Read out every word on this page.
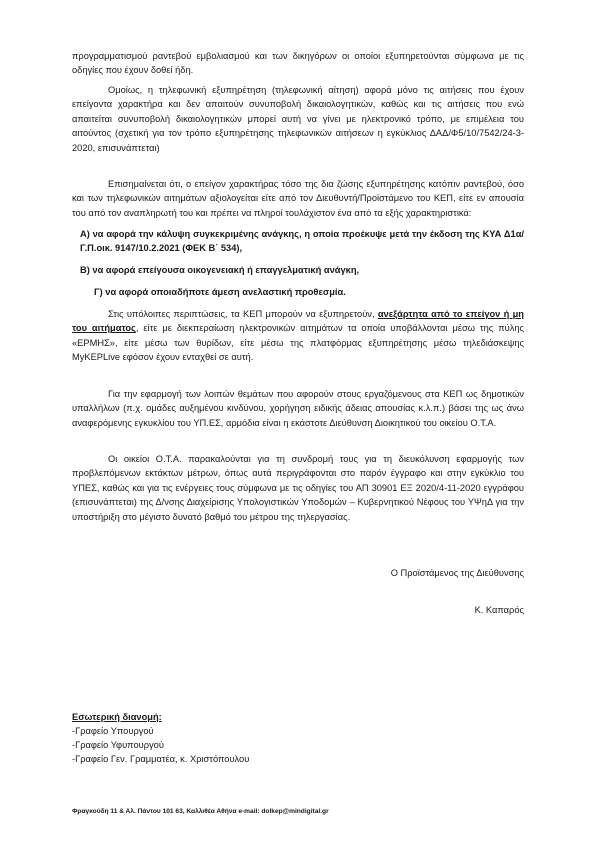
προγραμματισμού ραντεβού εμβολιασμού και των δικηγόρων οι οποίοι εξυπηρετούνται σύμφωνα με τις οδηγίες που έχουν δοθεί ήδη.

Ομοίως, η τηλεφωνική εξυπηρέτηση (τηλεφωνική αίτηση) αφορά μόνο τις αιτήσεις που έχουν επείγοντα χαρακτήρα και δεν απαιτούν συνυποβολή δικαιολογητικών, καθώς και τις αιτήσεις που ενώ απαιτείται συνυποβολή δικαιολογητικών μπορεί αυτή να γίνει με ηλεκτρονικό τρόπο, με επιμέλεια του αιτούντος (σχετική για τον τρόπο εξυπηρέτησης τηλεφωνικών αιτήσεων η εγκύκλιος ΔΑΔ/Φ5/10/7542/24-3-2020, επισυνάπτεται)

Επισημαίνεται ότι, ο επείγον χαρακτήρας τόσο της δια ζώσης εξυπηρέτησης κατόπιν ραντεβού, όσο και των τηλεφωνικών αιτημάτων αξιολογείται είτε από τον Διευθυντή/Προϊστάμενο του ΚΕΠ, είτε εν απουσία του από τον αναπληρωτή του και πρέπει να πληροί τουλάχιστον ένα από τα εξής χαρακτηριστικά:

Α) να αφορά την κάλυψη συγκεκριμένης ανάγκης, η οποία προέκυψε μετά την έκδοση της ΚΥΑ Δ1α/Γ.Π.οικ. 9147/10.2.2021 (ΦΕΚ Β΄ 534),

Β) να αφορά επείγουσα οικογενειακή ή επαγγελματική ανάγκη,

Γ) να αφορά οποιαδήποτε άμεση ανελαστική προθεσμία.

Στις υπόλοιπες περιπτώσεις, τα ΚΕΠ μπορούν να εξυπηρετούν, ανεξάρτητα από το επείγον ή μη του αιτήματος, είτε με διεκπεραίωση ηλεκτρονικών αιτημάτων τα οποία υποβάλλονται μέσω της πύλης «ΕΡΜΗΣ», είτε μέσω των θυρίδων, είτε μέσω της πλατφόρμας εξυπηρέτησης μέσω τηλεδιάσκεψης MyKEPLive εφόσον έχουν ενταχθεί σε αυτή.

Για την εφαρμογή των λοιπών θεμάτων που αφορούν στους εργαζόμενους στα ΚΕΠ ως δημοτικών υπαλλήλων (π.χ. ομάδες αυξημένου κινδύνου, χορήγηση ειδικής άδειας απουσίας κ.λ.π.) βάσει της ως άνω αναφερόμενης εγκυκλίου του ΥΠ.ΕΣ, αρμόδια είναι η εκάστοτε Διεύθυνση Διοικητικού του οικείου Ο.Τ.Α.

Οι οικείοι Ο.Τ.Α. παρακαλούνται για τη συνδρομή τους για τη διευκόλυνση εφαρμογής των προβλεπόμενων εκτάκτων μέτρων, όπως αυτά περιγράφονται στο παρόν έγγραφο και στην εγκύκλιο του ΥΠΕΣ, καθώς και για τις ενέργειες τους σύμφωνα με τις οδηγίες του ΑΠ 30901 ΕΞ 2020/4-11-2020 εγγράφου (επισυνάπτεται) της Δ/νσης Διαχείρισης Υπολογιστικών Υποδομών – Κυβερνητικού Νέφους του ΥΨηΔ για την υποστήριξη στο μέγιστο δυνατό βαθμό του μέτρου της τηλεργασίας.

Ο Προϊστάμενος της Διεύθυνσης

Κ. Καπαρός

Εσωτερική διανομή:

-Γραφείο Υπουργού
-Γραφείο Υφυπουργού
-Γραφείο Γεν. Γραμματέα, κ. Χριστόπουλου

Φραγκούδη 11 & Αλ. Πάντου 101 63, Καλλιθέα Αθήνα e-mail: dolkep@mindigital.gr
